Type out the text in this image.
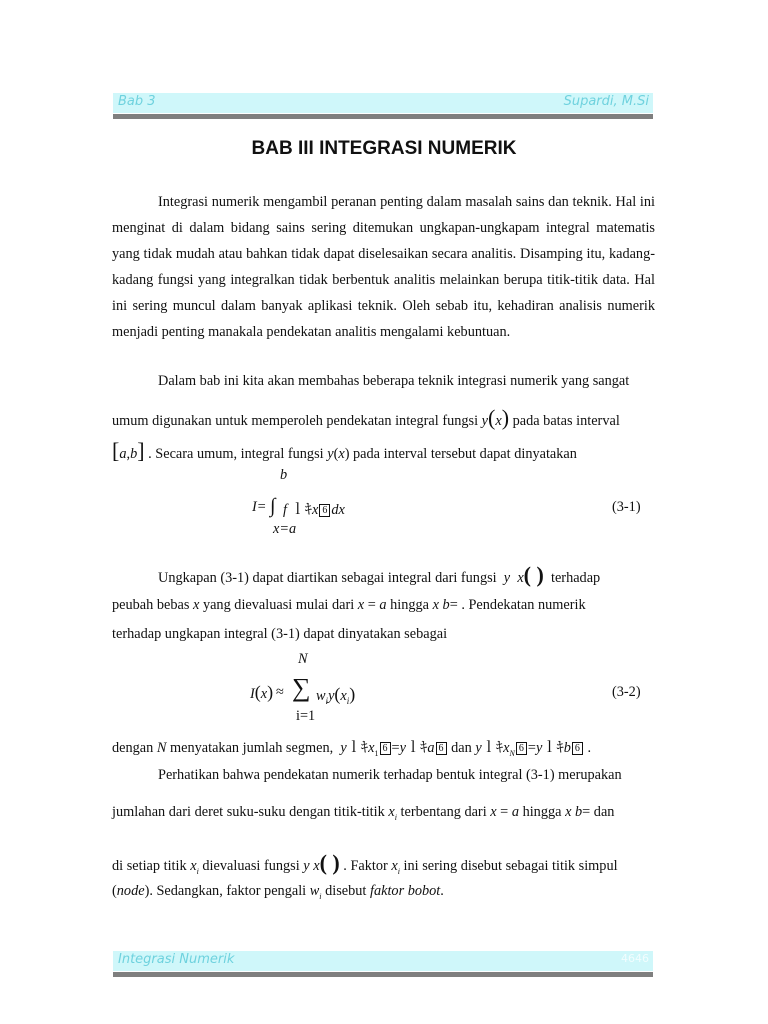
Bab 3	Supardi, M.Si
BAB III INTEGRASI NUMERIK
Integrasi numerik mengambil peranan penting dalam masalah sains dan teknik. Hal ini menginat di dalam bidang sains sering ditemukan ungkapan-ungkapam integral matematis yang tidak mudah atau bahkan tidak dapat diselesaikan secara analitis. Disamping itu, kadang-kadang fungsi yang integralkan tidak berbentuk analitis melainkan berupa titik-titik data. Hal ini sering muncul dalam banyak aplikasi teknik. Oleh sebab itu, kehadiran analisis numerik menjadi penting manakala pendekatan analitis mengalami kebuntuan.
Dalam bab ini kita akan membahas beberapa teknik integrasi numerik yang sangat
umum digunakan untuk memperoleh pendekatan integral fungsi y(x) pada batas interval
[a,b] . Secara umum, integral fungsi y(x) pada interval tersebut dapat dinyatakan
b
I= ∫ f ｌｷx 6 dx
x=a
(3-1)
Ungkapan (3-1) dapat diartikan sebagai integral dari fungsi y x( ) terhadap
peubah bebas x yang dievaluasi mulai dari x = a hingga x b= . Pendekatan numerik
terhadap ungkapan integral (3-1) dapat dinyatakan sebagai
N
I(x) ≈ ∑ $w_iy(x_i)$
i=1
(3-2)
dengan N menyatakan jumlah segmen, yｌｷ$x_1$ 6 =yｌｷa 6 dan yｌｷ$x_N$ 6 =yｌｷb 6 .
Perhatikan bahwa pendekatan numerik terhadap bentuk integral (3-1) merupakan
jumlahan dari deret suku-suku dengan titik-titik $x_i$ terbentang dari x = a hingga x b= dan
di setiap titik $x_i$ dievaluasi fungsi y x( ) . Faktor $x_i$ ini sering disebut sebagai titik simpul
(node). Sedangkan, faktor pengali $w_i$ disebut faktor bobot.
Integrasi Numerik	4646
